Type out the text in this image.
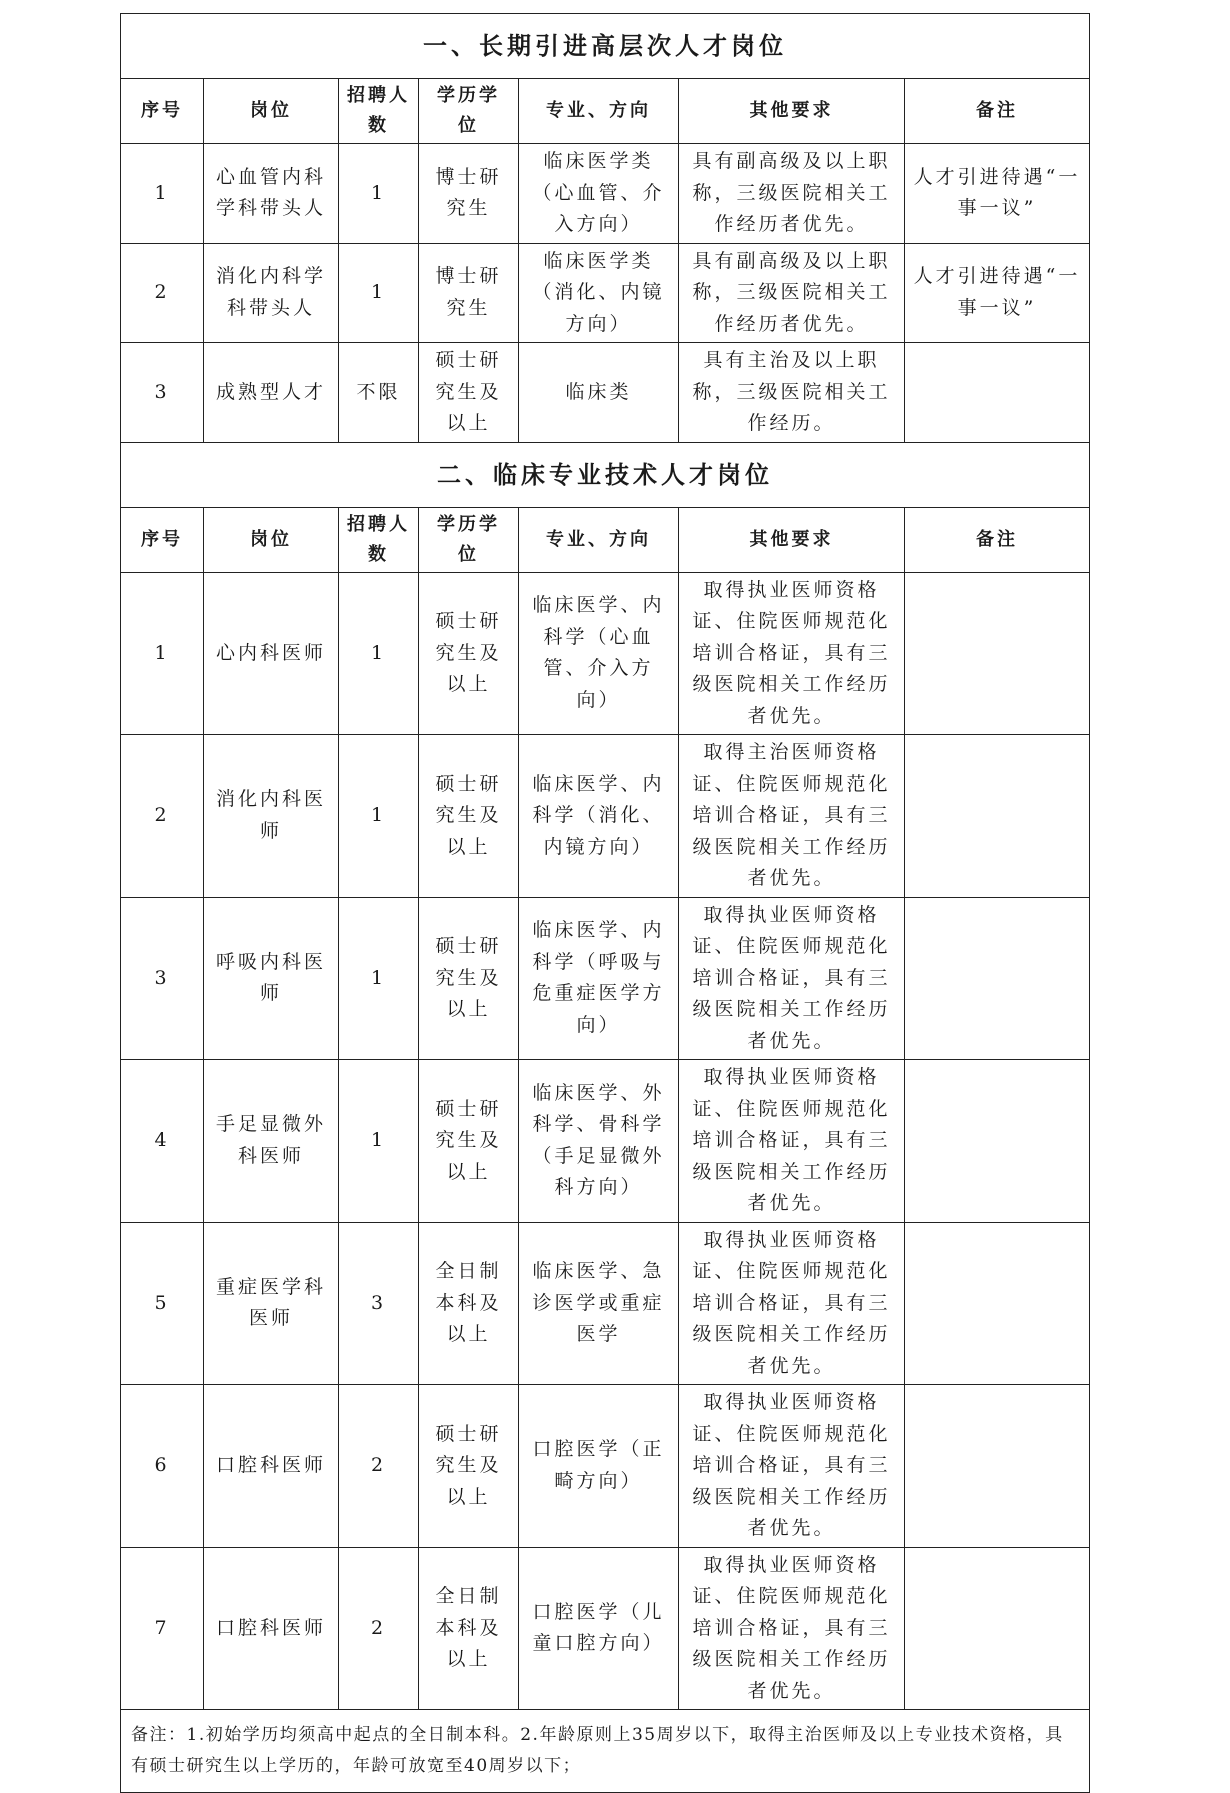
一、长期引进高层次人才岗位						
序号	岗位	招聘人数	学历学位	专业、方向	其他要求	备注
1	心血管内科学科带头人	1	博士研究生	临床医学类（心血管、介入方向）	具有副高级及以上职称，三级医院相关工作经历者优先。	人才引进待遇“一事一议”
2	消化内科学科带头人	1	博士研究生	临床医学类（消化、内镜方向）	具有副高级及以上职称，三级医院相关工作经历者优先。	人才引进待遇“一事一议”
3	成熟型人才	不限	硕士研究生及以上	临床类	具有主治及以上职称，三级医院相关工作经历。	
二、临床专业技术人才岗位						
序号	岗位	招聘人数	学历学位	专业、方向	其他要求	备注
1	心内科医师	1	硕士研究生及以上	临床医学、内科学（心血管、介入方向）	取得执业医师资格证、住院医师规范化培训合格证，具有三级医院相关工作经历者优先。	
2	消化内科医师	1	硕士研究生及以上	临床医学、内科学（消化、内镜方向）	取得主治医师资格证、住院医师规范化培训合格证，具有三级医院相关工作经历者优先。	
3	呼吸内科医师	1	硕士研究生及以上	临床医学、内科学（呼吸与危重症医学方向）	取得执业医师资格证、住院医师规范化培训合格证，具有三级医院相关工作经历者优先。	
4	手足显微外科医师	1	硕士研究生及以上	临床医学、外科学、骨科学（手足显微外科方向）	取得执业医师资格证、住院医师规范化培训合格证，具有三级医院相关工作经历者优先。	
5	重症医学科医师	3	全日制本科及以上	临床医学、急诊医学或重症医学	取得执业医师资格证、住院医师规范化培训合格证，具有三级医院相关工作经历者优先。	
6	口腔科医师	2	硕士研究生及以上	口腔医学（正畸方向）	取得执业医师资格证、住院医师规范化培训合格证，具有三级医院相关工作经历者优先。	
7	口腔科医师	2	全日制本科及以上	口腔医学（儿童口腔方向）	取得执业医师资格证、住院医师规范化培训合格证，具有三级医院相关工作经历者优先。	
备注：1.初始学历均须高中起点的全日制本科。2.年龄原则上35周岁以下，取得主治医师及以上专业技术资格，具有硕士研究生以上学历的，年龄可放宽至40周岁以下；						
